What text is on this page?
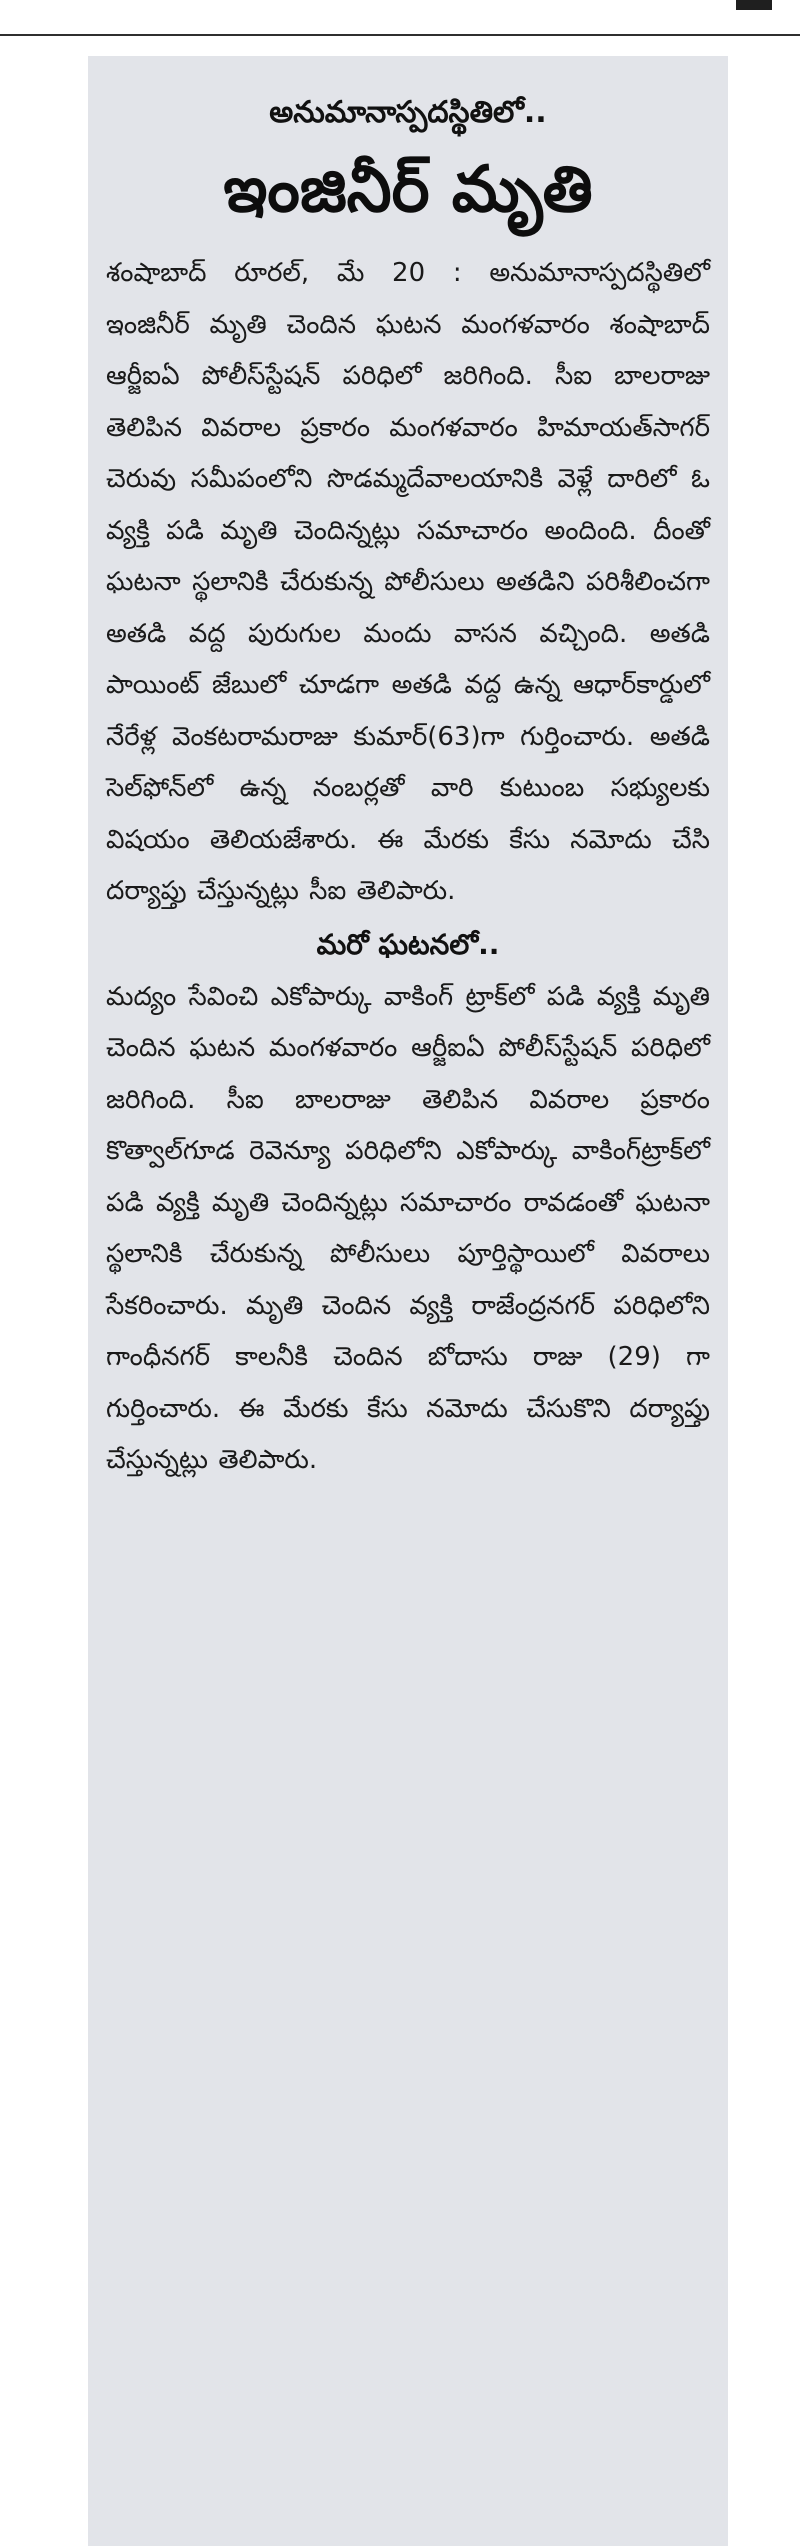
అనుమానాస్పదస్థితిలో..
ఇంజినీర్ మృతి

శంషాబాద్ రూరల్, మే 20 : అనుమానాస్పదస్థితిలో ఇంజినీర్ మృతి చెందిన ఘటన మంగళవారం శంషాబాద్ ఆర్జీఐఏ పోలీస్‌స్టేషన్ పరిధిలో జరిగింది. సీఐ బాలరాజు తెలిపిన వివరాల ప్రకారం మంగళవారం హిమాయత్‌సాగర్ చెరువు సమీపంలోని సొడమ్మదేవాలయానికి వెళ్లే దారిలో ఓ వ్యక్తి పడి మృతి చెందిన్నట్లు సమాచారం అందింది. దీంతో ఘటనా స్థలానికి చేరుకున్న పోలీసులు అతడిని పరిశీలించగా అతడి వద్ద పురుగుల మందు వాసన వచ్చింది. అతడి పాయింట్ జేబులో చూడగా అతడి వద్ద ఉన్న ఆధార్‌కార్డులో నేరేళ్ల వెంకటరామరాజు కుమార్(63)గా గుర్తించారు. అతడి సెల్‌ఫోన్‌లో ఉన్న నంబర్లతో వారి కుటుంబ సభ్యులకు విషయం తెలియజేశారు. ఈ మేరకు కేసు నమోదు చేసి దర్యాప్తు చేస్తున్నట్లు సీఐ తెలిపారు.

మరో ఘటనలో..

మద్యం సేవించి ఎకోపార్కు వాకింగ్ ట్రాక్‌లో పడి వ్యక్తి మృతి చెందిన ఘటన మంగళవారం ఆర్జీఐఏ పోలీస్‌స్టేషన్ పరిధిలో జరిగింది. సీఐ బాలరాజు తెలిపిన వివరాల ప్రకారం కొత్వాల్‌గూడ రెవెన్యూ పరిధిలోని ఎకోపార్కు వాకింగ్‌ట్రాక్‌లో పడి వ్యక్తి మృతి చెందిన్నట్లు సమాచారం రావడంతో ఘటనా స్థలానికి చేరుకున్న పోలీసులు పూర్తిస్థాయిలో వివరాలు సేకరించారు. మృతి చెందిన వ్యక్తి రాజేంద్రనగర్ పరిధిలోని గాంధీనగర్ కాలనీకి చెందిన బోదాసు రాజు (29) గా గుర్తించారు. ఈ మేరకు కేసు నమోదు చేసుకొని దర్యాప్తు చేస్తున్నట్లు తెలిపారు.
